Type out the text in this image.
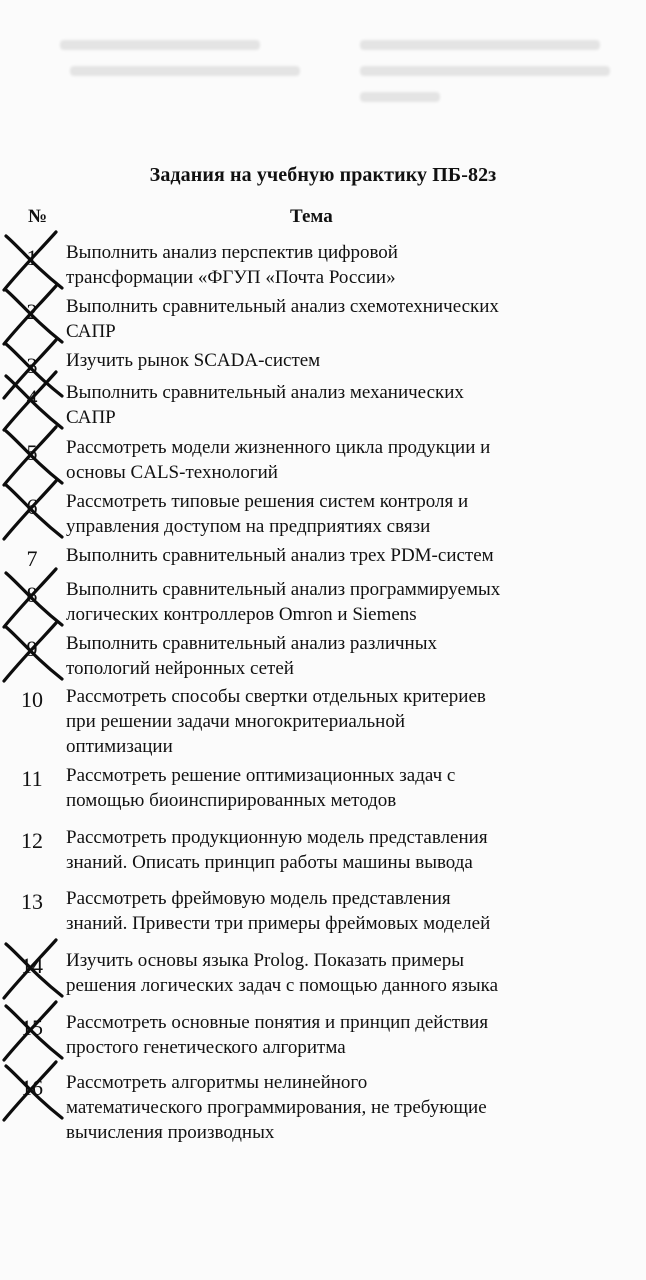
Задания на учебную практику ПБ-82з
№	Тема
1	Выполнить анализ перспектив цифровой
трансформации «ФГУП «Почта России»
2	Выполнить сравнительный анализ схемотехнических
САПР
3	Изучить рынок SCADA-систем
4	Выполнить сравнительный анализ механических
САПР
5	Рассмотреть модели жизненного цикла продукции и
основы CALS-технологий
6	Рассмотреть типовые решения систем контроля и
управления доступом на предприятиях связи
7	Выполнить сравнительный анализ трех PDM-систем
8	Выполнить сравнительный анализ программируемых
логических контроллеров Omron и Siemens
9	Выполнить сравнительный анализ различных
топологий нейронных сетей
10	Рассмотреть способы свертки отдельных критериев
при решении задачи многокритериальной
оптимизации
11	Рассмотреть решение оптимизационных задач с
помощью биоинспирированных методов
12	Рассмотреть продукционную модель представления
знаний. Описать принцип работы машины вывода
13	Рассмотреть фреймовую модель представления
знаний. Привести три примеры фреймовых моделей
14	Изучить основы языка Prolog. Показать примеры
решения логических задач с помощью данного языка
15	Рассмотреть основные понятия и принцип действия
простого генетического алгоритма
16	Рассмотреть алгоритмы нелинейного
математического программирования, не требующие
вычисления производных
